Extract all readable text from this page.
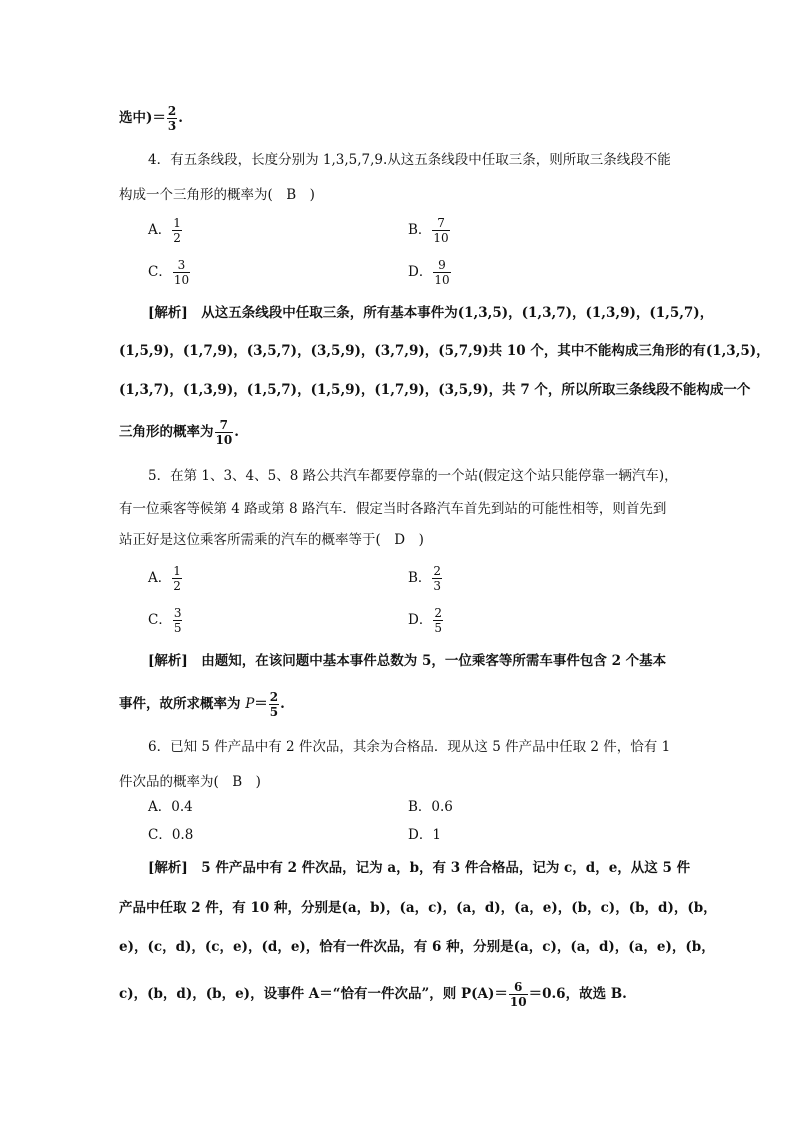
选中)＝ $\frac{2}{3}$ .
4．有五条线段，长度分别为 1,3,5,7,9.从这五条线段中任取三条，则所取三条线段不能
构成一个三角形的概率为(　B　)
A． $\frac{1}{2}$	B． $\frac{7}{10}$
C． $\frac{3}{10}$	D． $\frac{9}{10}$
[解析]　 从这五条线段中任取三条，所有基本事件为(1,3,5)，(1,3,7)，(1,3,9)，(1,5,7)，
(1,5,9)，(1,7,9)，(3,5,7)，(3,5,9)，(3,7,9)，(5,7,9)共 10 个，其中不能构成三角形的有(1,3,5)，
(1,3,7)，(1,3,9)，(1,5,7)，(1,5,9)，(1,7,9)，(3,5,9)，共 7 个，所以所取三条线段不能构成一个
三角形的概率为 $\frac{7}{10}$ .
5．在第 1、3、4、5、8 路公共汽车都要停靠的一个站(假定这个站只能停靠一辆汽车)，
有一位乘客等候第 4 路或第 8 路汽车．假定当时各路汽车首先到站的可能性相等，则首先到
站正好是这位乘客所需乘的汽车的概率等于(　D　)
A． $\frac{1}{2}$	B． $\frac{2}{3}$
C． $\frac{3}{5}$	D． $\frac{2}{5}$
[解析]　 由题知，在该问题中基本事件总数为 5，一位乘客等所需车事件包含 2 个基本
事件，故所求概率为 $P= \frac{2}{5}$ .
6．已知 5 件产品中有 2 件次品，其余为合格品．现从这 5 件产品中任取 2 件，恰有 1
件次品的概率为(　B　)
A．0.4	B．0.6
C．0.8	D．1
[解析]　 5 件产品中有 2 件次品，记为 a，b，有 3 件合格品，记为 c，d，e，从这 5 件
产品中任取 2 件，有 10 种，分别是(a，b)，(a，c)，(a，d)，(a，e)，(b，c)，(b，d)，(b，
e)，(c，d)，(c，e)，(d，e)，恰有一件次品，有 6 种，分别是(a，c)，(a，d)，(a，e)，(b，
c)，(b，d)，(b，e)，设事件 A＝“恰有一件次品”，则 $P(A)= \frac{6}{10} =0.6$，故选 B.
